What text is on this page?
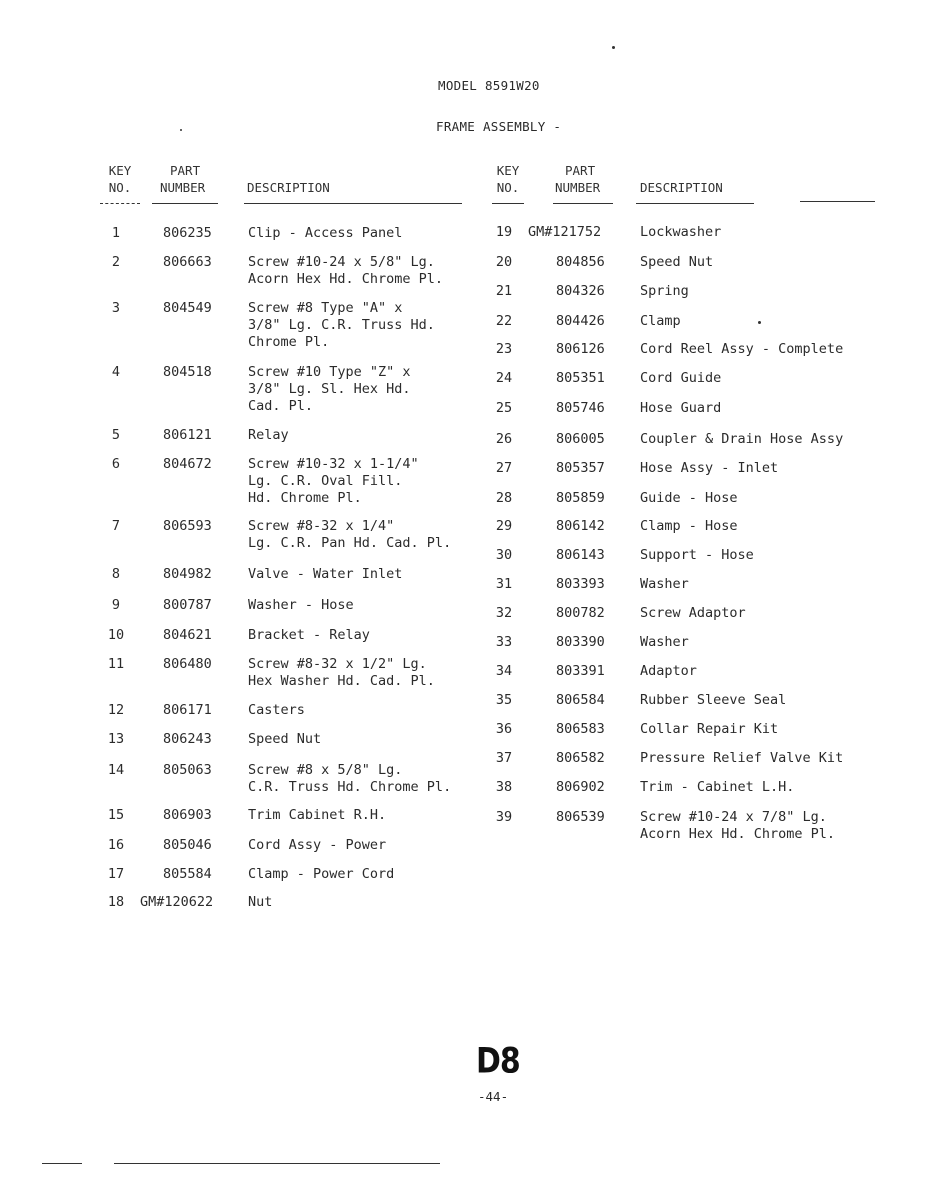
MODEL 8591W20
FRAME ASSEMBLY -
KEY
NO.
PART
NUMBER	DESCRIPTION
KEY
NO.
PART
NUMBER	DESCRIPTION
1	806235	Clip - Access Panel
2	806663	Screw #10-24 x 5/8" Lg.
Acorn Hex Hd. Chrome Pl.
3	804549	Screw #8 Type "A" x
3/8" Lg. C.R. Truss Hd.
Chrome Pl.
4	804518	Screw #10 Type "Z" x
3/8" Lg. Sl. Hex Hd.
Cad. Pl.
5	806121	Relay
6	804672	Screw #10-32 x 1-1/4"
Lg. C.R. Oval Fill.
Hd. Chrome Pl.
7	806593	Screw #8-32 x 1/4"
Lg. C.R. Pan Hd. Cad. Pl.
8	804982	Valve - Water Inlet
9	800787	Washer - Hose
10	804621	Bracket - Relay
11	806480	Screw #8-32 x 1/2" Lg.
Hex Washer Hd. Cad. Pl.
12	806171	Casters
13	806243	Speed Nut
14	805063	Screw #8 x 5/8" Lg.
C.R. Truss Hd. Chrome Pl.
15	806903	Trim Cabinet R.H.
16	805046	Cord Assy - Power
17	805584	Clamp - Power Cord
18	GM#120622	Nut
19	GM#121752	Lockwasher
20	804856	Speed Nut
21	804326	Spring
22	804426	Clamp
23	806126	Cord Reel Assy - Complete
24	805351	Cord Guide
25	805746	Hose Guard
26	806005	Coupler & Drain Hose Assy
27	805357	Hose Assy - Inlet
28	805859	Guide - Hose
29	806142	Clamp - Hose
30	806143	Support - Hose
31	803393	Washer
32	800782	Screw Adaptor
33	803390	Washer
34	803391	Adaptor
35	806584	Rubber Sleeve Seal
36	806583	Collar Repair Kit
37	806582	Pressure Relief Valve Kit
38	806902	Trim - Cabinet L.H.
39	806539	Screw #10-24 x 7/8" Lg.
Acorn Hex Hd. Chrome Pl.
D8
-44-
